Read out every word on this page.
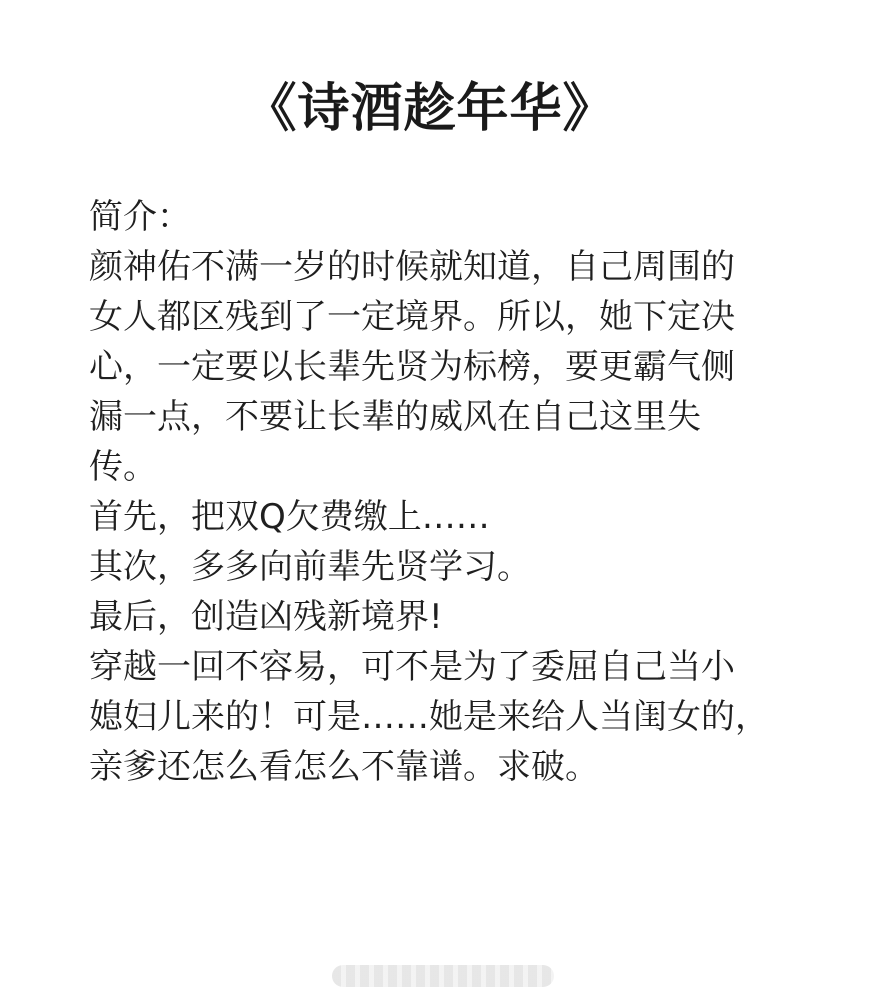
《诗酒趁年华》
简介：
颜神佑不满一岁的时候就知道，自己周围的
女人都区残到了一定境界。所以，她下定决
心，一定要以长辈先贤为标榜，要更霸气侧
漏一点，不要让长辈的威风在自己这里失
传。
首先，把双Q欠费缴上……
其次，多多向前辈先贤学习。
最后，创造凶残新境界!
穿越一回不容易，可不是为了委屈自己当小
媳妇儿来的！可是……她是来给人当闺女的，
亲爹还怎么看怎么不靠谱。求破。
